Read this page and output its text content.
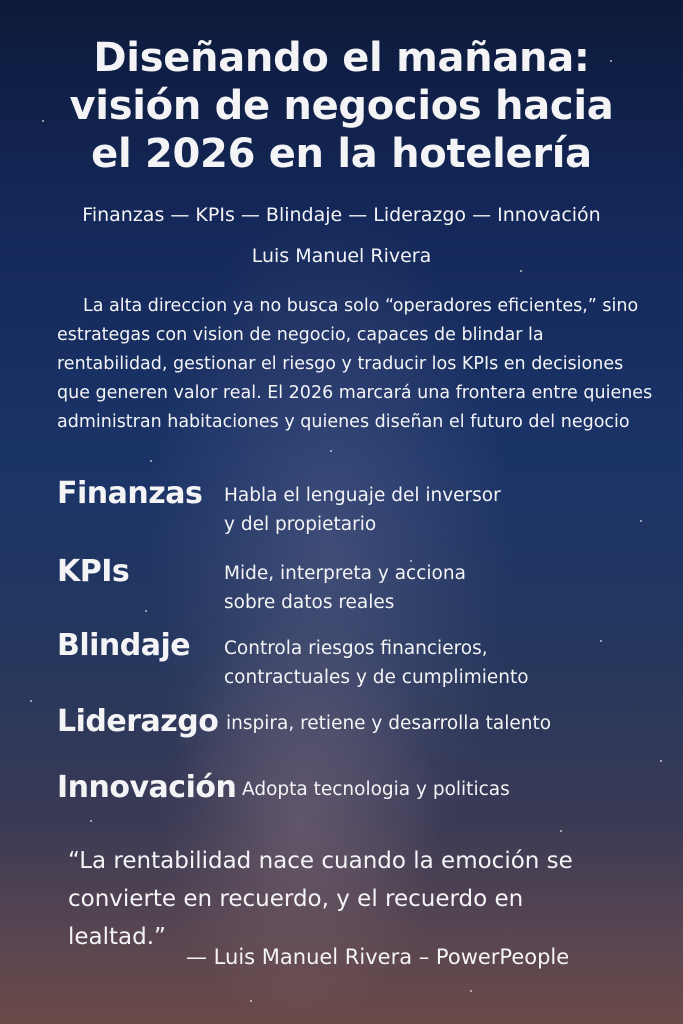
Diseñando el mañana:
visión de negocios hacia
el 2026 en la hotelería
Finanzas — KPIs — Blindaje — Liderazgo — Innovación
Luis Manuel Rivera
La alta direccion ya no busca solo “operadores eficientes,” sino estrategas con vision de negocio, capaces de blindar la rentabilidad, gestionar el riesgo y traducir los KPIs en decisiones que generen valor real. El 2026 marcará una frontera entre quienes administran habitaciones y quienes diseñan el futuro del negocio
Finanzas Habla el lenguaje del inversor
y del propietario
KPIs	Mide, interpreta y acciona
sobre datos reales
Blindaje Controla riesgos financieros,
contractuales y de cumplimiento
Liderazgo inspira, retiene y desarrolla talento
Innovación Adopta tecnologia y politicas
“La rentabilidad nace cuando la emoción se convierte en recuerdo, y el recuerdo en lealtad.”
— Luis Manuel Rivera – PowerPeople
